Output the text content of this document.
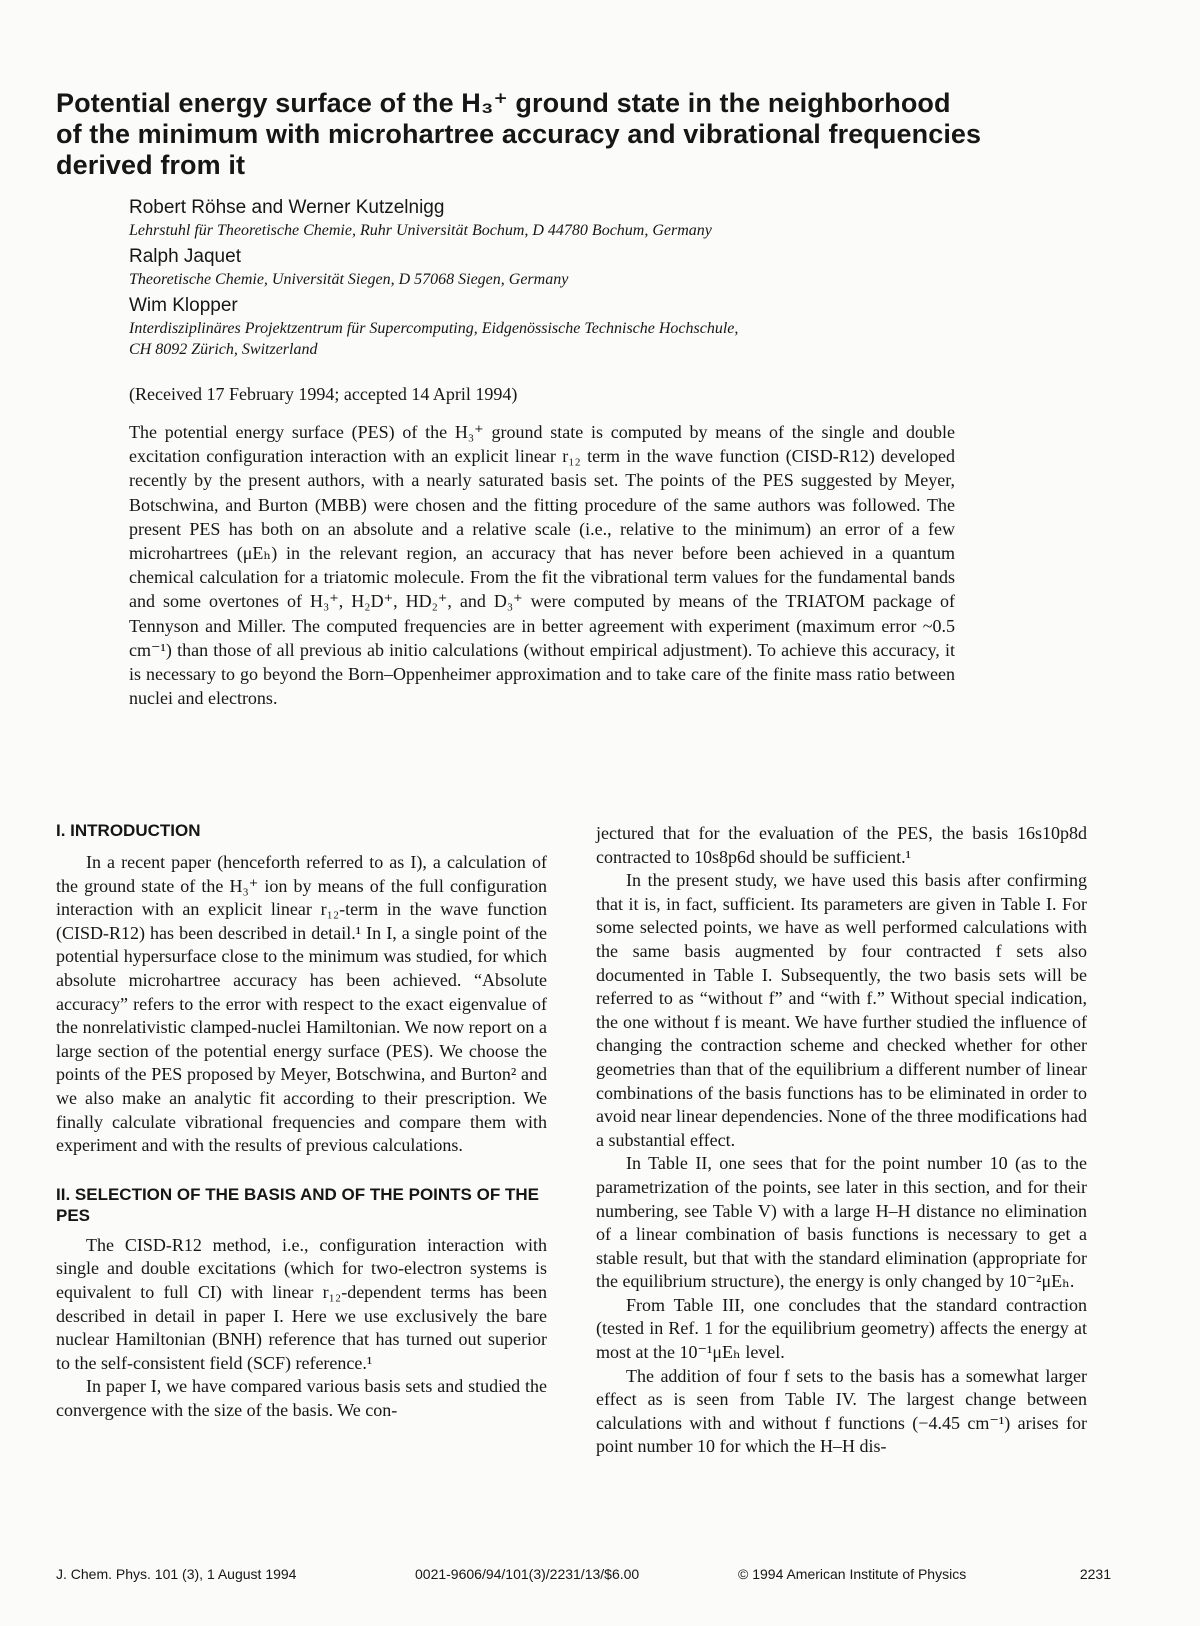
Potential energy surface of the H₃⁺ ground state in the neighborhood
of the minimum with microhartree accuracy and vibrational frequencies
derived from it
Robert Röhse and Werner Kutzelnigg
Lehrstuhl für Theoretische Chemie, Ruhr Universität Bochum, D 44780 Bochum, Germany
Ralph Jaquet
Theoretische Chemie, Universität Siegen, D 57068 Siegen, Germany
Wim Klopper
Interdisziplinäres Projektzentrum für Supercomputing, Eidgenössische Technische Hochschule,
CH 8092 Zürich, Switzerland
(Received 17 February 1994; accepted 14 April 1994)
The potential energy surface (PES) of the H₃⁺ ground state is computed by means of the single and double excitation configuration interaction with an explicit linear r₁₂ term in the wave function (CISD-R12) developed recently by the present authors, with a nearly saturated basis set. The points of the PES suggested by Meyer, Botschwina, and Burton (MBB) were chosen and the fitting procedure of the same authors was followed. The present PES has both on an absolute and a relative scale (i.e., relative to the minimum) an error of a few microhartrees (μEₕ) in the relevant region, an accuracy that has never before been achieved in a quantum chemical calculation for a triatomic molecule. From the fit the vibrational term values for the fundamental bands and some overtones of H₃⁺, H₂D⁺, HD₂⁺, and D₃⁺ were computed by means of the TRIATOM package of Tennyson and Miller. The computed frequencies are in better agreement with experiment (maximum error ~0.5 cm⁻¹) than those of all previous ab initio calculations (without empirical adjustment). To achieve this accuracy, it is necessary to go beyond the Born–Oppenheimer approximation and to take care of the finite mass ratio between nuclei and electrons.
I. INTRODUCTION

In a recent paper (henceforth referred to as I), a calculation of the ground state of the H₃⁺ ion by means of the full configuration interaction with an explicit linear r₁₂-term in the wave function (CISD-R12) has been described in detail.¹ In I, a single point of the potential hypersurface close to the minimum was studied, for which absolute microhartree accuracy has been achieved. “Absolute accuracy” refers to the error with respect to the exact eigenvalue of the nonrelativistic clamped-nuclei Hamiltonian. We now report on a large section of the potential energy surface (PES). We choose the points of the PES proposed by Meyer, Botschwina, and Burton² and we also make an analytic fit according to their prescription. We finally calculate vibrational frequencies and compare them with experiment and with the results of previous calculations.

II. SELECTION OF THE BASIS AND OF THE POINTS OF THE PES

The CISD-R12 method, i.e., configuration interaction with single and double excitations (which for two-electron systems is equivalent to full CI) with linear r₁₂-dependent terms has been described in detail in paper I. Here we use exclusively the bare nuclear Hamiltonian (BNH) reference that has turned out superior to the self-consistent field (SCF) reference.¹

In paper I, we have compared various basis sets and studied the convergence with the size of the basis. We con-

jectured that for the evaluation of the PES, the basis 16s10p8d contracted to 10s8p6d should be sufficient.¹

In the present study, we have used this basis after confirming that it is, in fact, sufficient. Its parameters are given in Table I. For some selected points, we have as well performed calculations with the same basis augmented by four contracted f sets also documented in Table I. Subsequently, the two basis sets will be referred to as “without f” and “with f.” Without special indication, the one without f is meant. We have further studied the influence of changing the contraction scheme and checked whether for other geometries than that of the equilibrium a different number of linear combinations of the basis functions has to be eliminated in order to avoid near linear dependencies. None of the three modifications had a substantial effect.

In Table II, one sees that for the point number 10 (as to the parametrization of the points, see later in this section, and for their numbering, see Table V) with a large H–H distance no elimination of a linear combination of basis functions is necessary to get a stable result, but that with the standard elimination (appropriate for the equilibrium structure), the energy is only changed by 10⁻²μEₕ.

From Table III, one concludes that the standard contraction (tested in Ref. 1 for the equilibrium geometry) affects the energy at most at the 10⁻¹μEₕ level.

The addition of four f sets to the basis has a somewhat larger effect as is seen from Table IV. The largest change between calculations with and without f functions (−4.45 cm⁻¹) arises for point number 10 for which the H–H dis-

J. Chem. Phys. 101 (3), 1 August 1994	0021-9606/94/101(3)/2231/13/$6.00	© 1994 American Institute of Physics	2231
